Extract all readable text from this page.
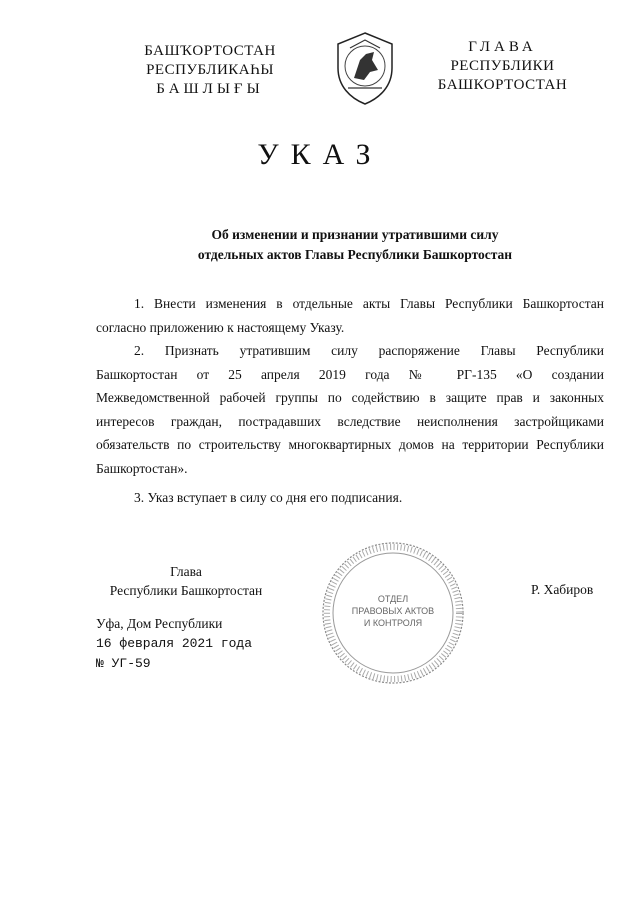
БАШҠОРТОСТАН
РЕСПУБЛИКАҺЫ
БАШЛЫҒЫ
ГЛАВА
РЕСПУБЛИКИ
БАШКОРТОСТАН
УКАЗ
Об изменении и признании утратившими силу
отдельных актов Главы Республики Башкортостан

1. Внести изменения в отдельные акты Главы Республики Башкортостан согласно приложению к настоящему Указу.

2. Признать утратившим силу распоряжение Главы Республики

Башкортостан от 25 апреля 2019 года № РГ-135 «О создании

Межведомственной рабочей группы по содействию в защите прав и законных интересов граждан, пострадавших вследствие неисполнения застройщиками обязательств по строительству многоквартирных домов на территории Республики Башкортостан».

3. Указ вступает в силу со дня его подписания.

Глава
Республики Башкортостан	Р. Хабиров
ОТДЕЛ
ПРАВОВЫХ АКТОВ
И КОНТРОЛЯ
Уфа, Дом Республики
16 февраля 2021 года
№ УГ-59
